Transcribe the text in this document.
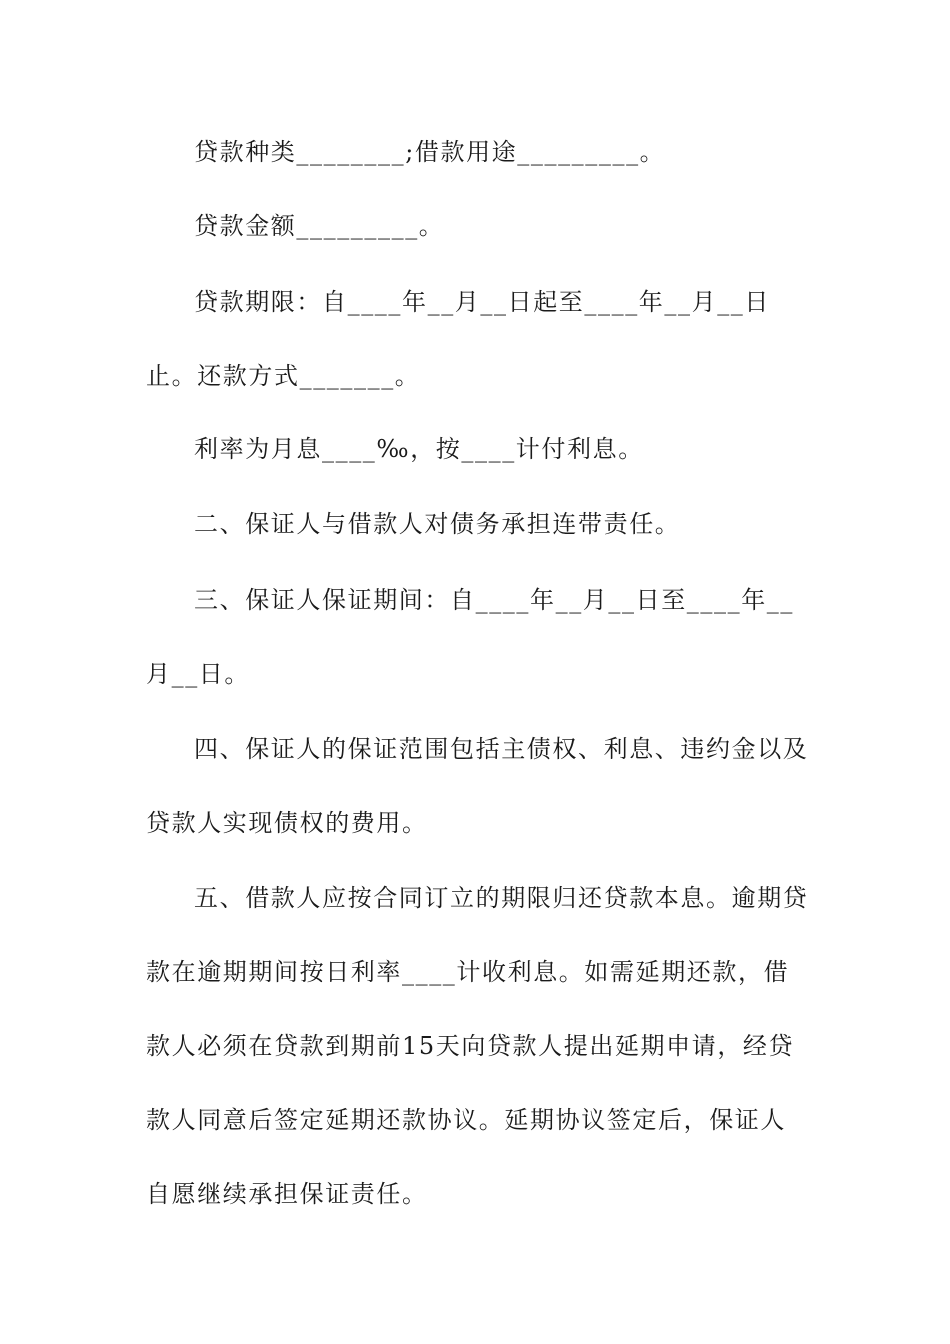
贷款种类________;借款用途_________。

贷款金额_________。

贷款期限：自____年__月__日起至____年__月__日止。还款方式_______。

利率为月息____‰，按____计付利息。

二、保证人与借款人对债务承担连带责任。

三、保证人保证期间：自____年__月__日至____年__月__日。

四、保证人的保证范围包括主债权、利息、违约金以及贷款人实现债权的费用。

五、借款人应按合同订立的期限归还贷款本息。逾期贷款在逾期期间按日利率____计收利息。如需延期还款，借款人必须在贷款到期前15天向贷款人提出延期申请，经贷款人同意后签定延期还款协议。延期协议签定后，保证人自愿继续承担保证责任。
